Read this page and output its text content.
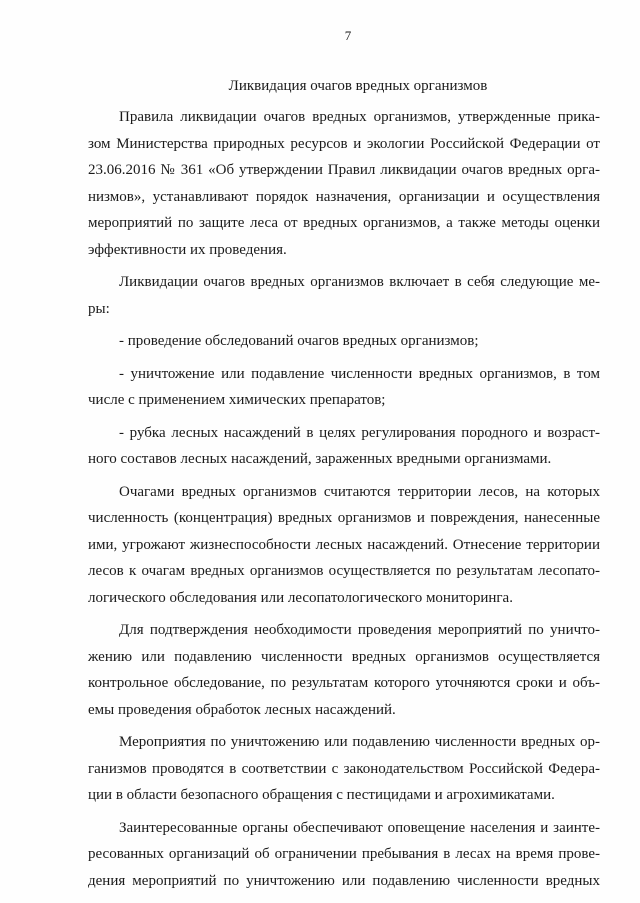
7
Ликвидация очагов вредных организмов
Правила ликвидации очагов вредных организмов, утвержденные прика-
зом Министерства природных ресурсов и экологии Российской Федерации от
23.06.2016 № 361 «Об утверждении Правил ликвидации очагов вредных орга-
низмов», устанавливают порядок назначения, организации и осуществления
мероприятий по защите леса от вредных организмов, а также методы оценки
эффективности их проведения.
Ликвидации очагов вредных организмов включает в себя следующие ме-
ры:
- проведение обследований очагов вредных организмов;
- уничтожение или подавление численности вредных организмов, в том
числе с применением химических препаратов;
- рубка лесных насаждений в целях регулирования породного и возраст-
ного составов лесных насаждений, зараженных вредными организмами.
Очагами вредных организмов считаются территории лесов, на которых
численность (концентрация) вредных организмов и повреждения, нанесенные
ими, угрожают жизнеспособности лесных насаждений. Отнесение территории
лесов к очагам вредных организмов осуществляется по результатам лесопато-
логического обследования или лесопатологического мониторинга.
Для подтверждения необходимости проведения мероприятий по уничто-
жению или подавлению численности вредных организмов осуществляется
контрольное обследование, по результатам которого уточняются сроки и объ-
емы проведения обработок лесных насаждений.
Мероприятия по уничтожению или подавлению численности вредных ор-
ганизмов проводятся в соответствии с законодательством Российской Федера-
ции в области безопасного обращения с пестицидами и агрохимикатами.
Заинтересованные органы обеспечивают оповещение населения и заинте-
ресованных организаций об ограничении пребывания в лесах на время прове-
дения мероприятий по уничтожению или подавлению численности вредных
